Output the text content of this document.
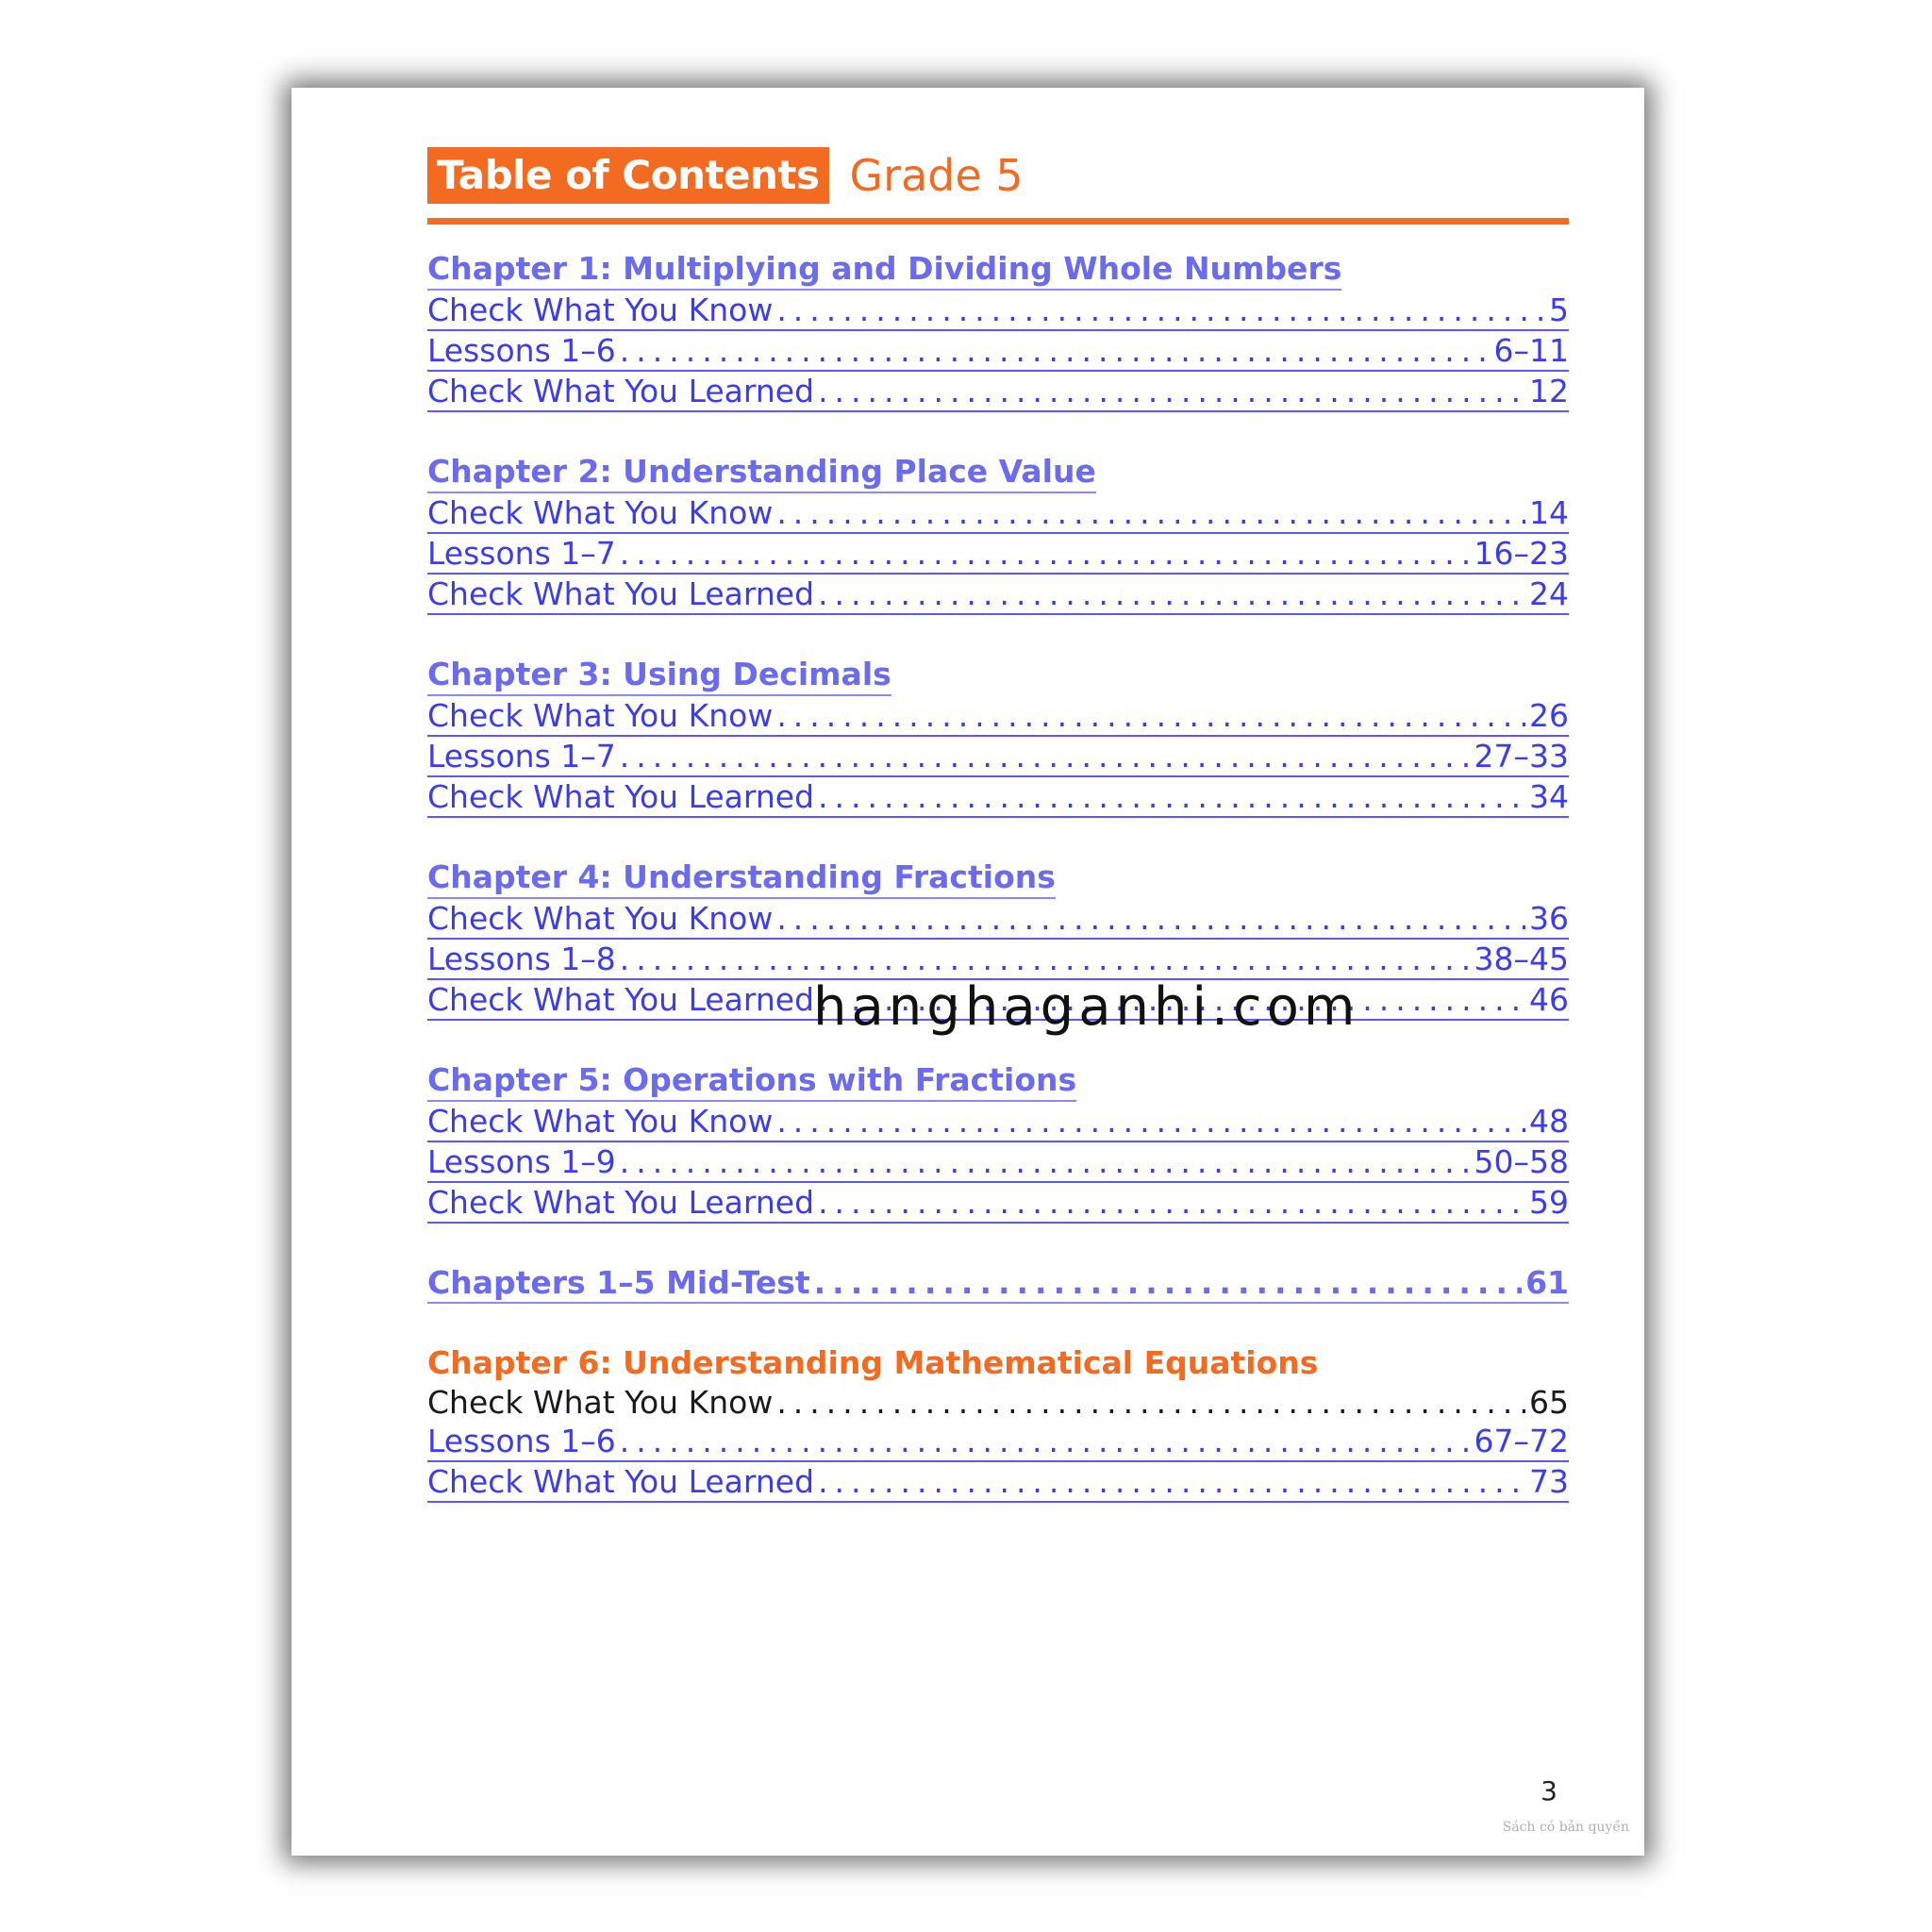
Table of Contents Grade 5
Chapter 1: Multiplying and Dividing Whole Numbers
Check What You Know .....	5
Lessons 1–6 .....	6–11
Check What You Learned .....	12
Chapter 2: Understanding Place Value
Check What You Know .....	14
Lessons 1–7 .....	16–23
Check What You Learned .....	24
Chapter 3: Using Decimals
Check What You Know .....	26
Lessons 1–7 .....	27–33
Check What You Learned .....	34
Chapter 4: Understanding Fractions
Check What You Know .....	36
Lessons 1–8 .....	38–45
Check What You Learned .....	46
Chapter 5: Operations with Fractions
Check What You Know .....	48
Lessons 1–9 .....	50–58
Check What You Learned .....	59
Chapters 1–5 Mid-Test .....	61
Chapter 6: Understanding Mathematical Equations
Check What You Know .....	65
Lessons 1–6 .....	67–72
Check What You Learned .....	73
3
Sách có bản quyền
hanghaganhi.com
